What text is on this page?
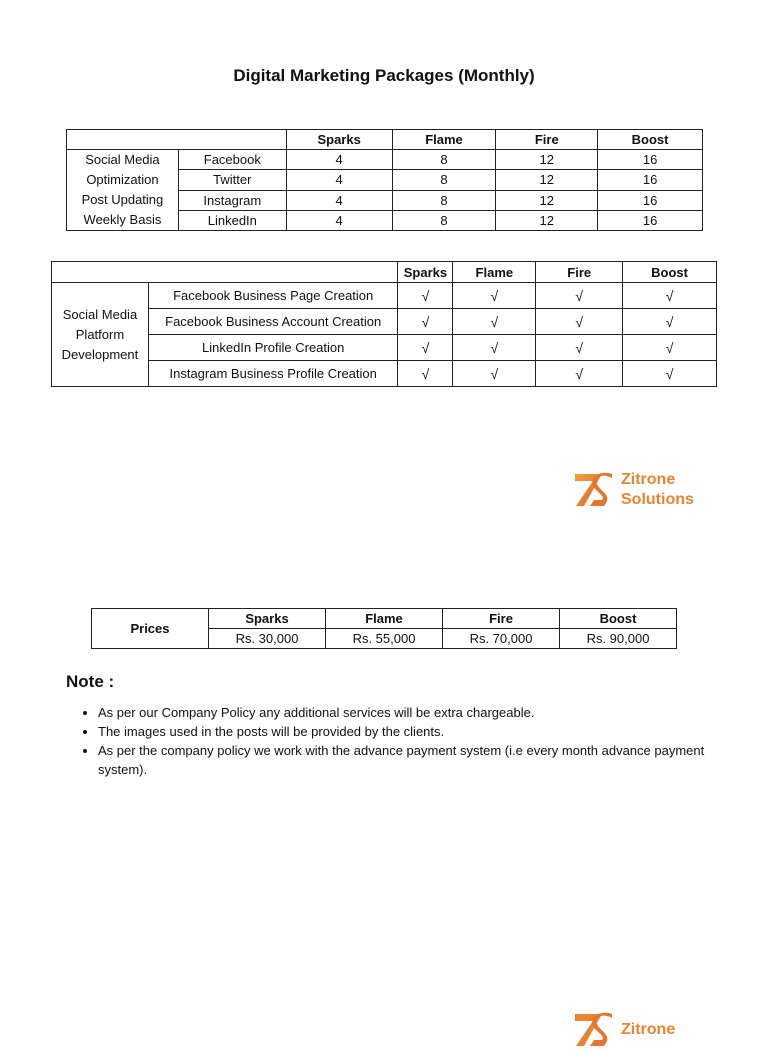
Digital Marketing Packages (Monthly)
		Sparks	Flame	Fire	Boost

Social Media
Optimization
Post Updating
Weekly Basis	Facebook	4	8	12	16
	Twitter	4	8	12	16
	Instagram	4	8	12	16
	LinkedIn	4	8	12	16
		Sparks	Flame	Fire	Boost

Social Media
Platform
Development	Facebook Business Page Creation	√	√	√	√
	Facebook Business Account Creation	√	√	√	√
	LinkedIn Profile Creation	√	√	√	√
	Instagram Business Profile Creation	√	√	√	√
Zitrone
Solutions
Prices	Sparks	Flame	Fire	Boost
	Rs. 30,000	Rs. 55,000	Rs. 70,000	Rs. 90,000
Note :
• As per our Company Policy any additional services will be extra chargeable.
• The images used in the posts will be provided by the clients.
• As per the company policy we work with the advance payment system (i.e every month advance payment system).
Zitrone
